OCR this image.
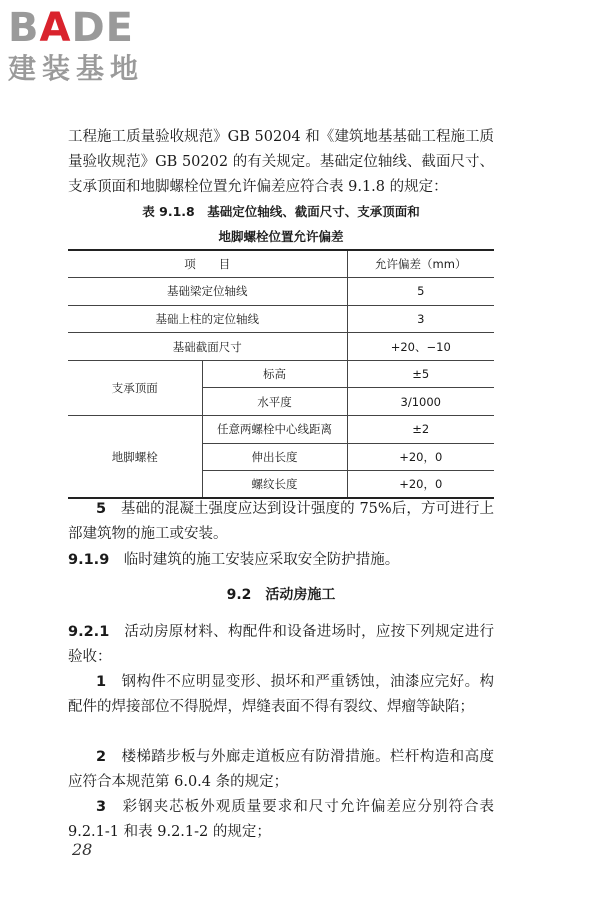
BADE
建装基地
工程施工质量验收规范》GB 50204 和《建筑地基基础工程施工质量验收规范》GB 50202 的有关规定。基础定位轴线、截面尺寸、支承顶面和地脚螺栓位置允许偏差应符合表 9.1.8 的规定：
表 9.1.8　基础定位轴线、截面尺寸、支承顶面和
地脚螺栓位置允许偏差
项　　目		允许偏差（mm）
基础梁定位轴线		5
基础上柱的定位轴线		3
基础截面尺寸		+20、−10
支承顶面	标高	±5
	水平度	3/1000
地脚螺栓	任意两螺栓中心线距离	±2
	伸出长度	+20，0
	螺纹长度	+20，0
5　 基础的混凝土强度应达到设计强度的 75%后，方可进行上部建筑物的施工或安装。
9.1.9　 临时建筑的施工安装应采取安全防护措施。
9.2 活动房施工
9.2.1　 活动房原材料、构配件和设备进场时，应按下列规定进行验收：
1　 钢构件不应明显变形、损坏和严重锈蚀，油漆应完好。构配件的焊接部位不得脱焊，焊缝表面不得有裂纹、焊瘤等缺陷；
2　 楼梯踏步板与外廊走道板应有防滑措施。栏杆构造和高度应符合本规范第 6.0.4 条的规定；
3　 彩钢夹芯板外观质量要求和尺寸允许偏差应分别符合表 9.2.1-1 和表 9.2.1-2 的规定；
28
